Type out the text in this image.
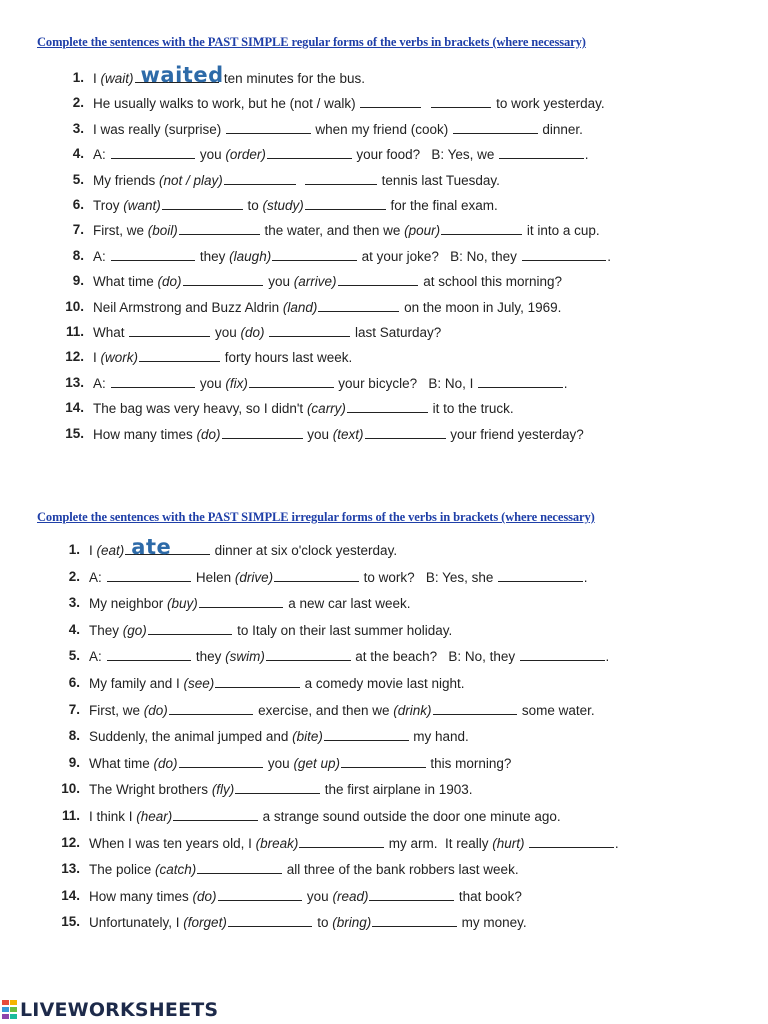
Complete the sentences with the PAST SIMPLE regular forms of the verbs in brackets (where necessary)
1. I (wait) waited
ten minutes for the bus.
2. He usually walks to work, but he (not / walk)	to work yesterday.
3. I was really (surprise)	when my friend (cook)	dinner.
4. A:	you (order)	your food?   B: Yes, we	.
5. My friends (not / play)	tennis last Tuesday.
6. Troy (want)	to (study)	for the final exam.
7. First, we (boil)	the water, and then we (pour)	it into a cup.
8. A:	they (laugh)	at your joke?   B: No, they	.
9. What time (do)	you (arrive)	at school this morning?
10. Neil Armstrong and Buzz Aldrin (land)	on the moon in July, 1969.
11. What	you (do)	last Saturday?
12. I (work)	forty hours last week.
13. A:	you (fix)	your bicycle?   B: No, I	.
14. The bag was very heavy, so I didn't (carry)	it to the truck.
15. How many times (do)	you (text)	your friend yesterday?
Complete the sentences with the PAST SIMPLE irregular forms of the verbs in brackets (where necessary)
1. I (eat) ate	dinner at six o'clock yesterday.
2. A:	Helen (drive)	to work?   B: Yes, she	.
3. My neighbor (buy)	a new car last week.
4. They (go)	to Italy on their last summer holiday.
5. A:	they (swim)	at the beach?   B: No, they	.
6. My family and I (see)	a comedy movie last night.
7. First, we (do)	exercise, and then we (drink)	some water.
8. Suddenly, the animal jumped and (bite)	my hand.
9. What time (do)	you (get up)	this morning?
10. The Wright brothers (fly)	the first airplane in 1903.
11. I think I (hear)	a strange sound outside the door one minute ago.
12. When I was ten years old, I (break)	my arm.  It really (hurt)	.
13. The police (catch)	all three of the bank robbers last week.
14. How many times (do)	you (read)	that book?
15. Unfortunately, I (forget)	to (bring)	my money.
LIVEWORKSHEETS
